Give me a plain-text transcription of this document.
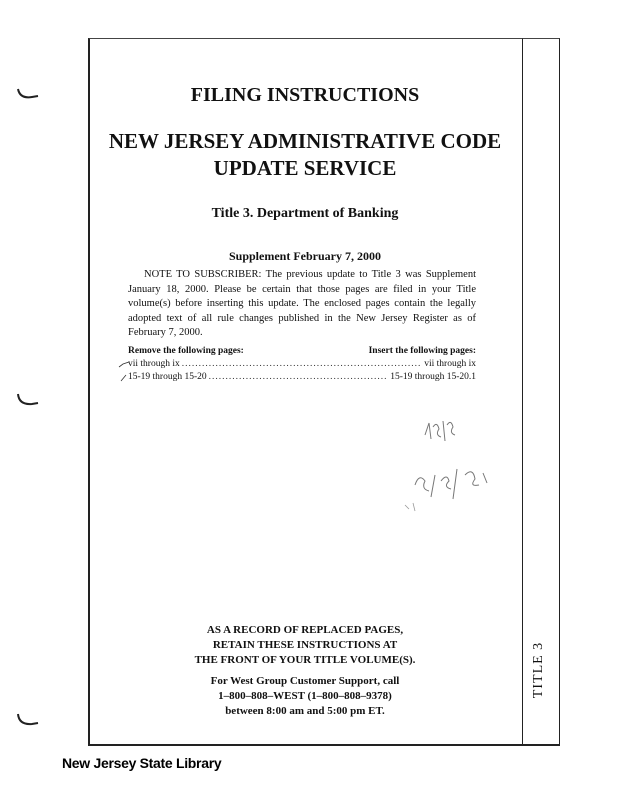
TITLE 3
FILING INSTRUCTIONS
NEW JERSEY ADMINISTRATIVE CODE
UPDATE SERVICE
Title 3. Department of Banking
Supplement February 7, 2000
NOTE TO SUBSCRIBER: The previous update to Title 3 was Supplement January 18, 2000. Please be certain that those pages are filed in your Title volume(s) before inserting this update. The enclosed pages contain the legally adopted text of all rule changes published in the New Jersey Register as of February 7, 2000.
Remove the following pages:	Insert the following pages:
vii through ix .....	vii through ix
15-19 through 15-20 .....	15-19 through 15-20.1
AS A RECORD OF REPLACED PAGES,
RETAIN THESE INSTRUCTIONS AT
THE FRONT OF YOUR TITLE VOLUME(S).
For West Group Customer Support, call
1–800–808–WEST (1–800–808–9378)
between 8:00 am and 5:00 pm ET.
New Jersey State Library
